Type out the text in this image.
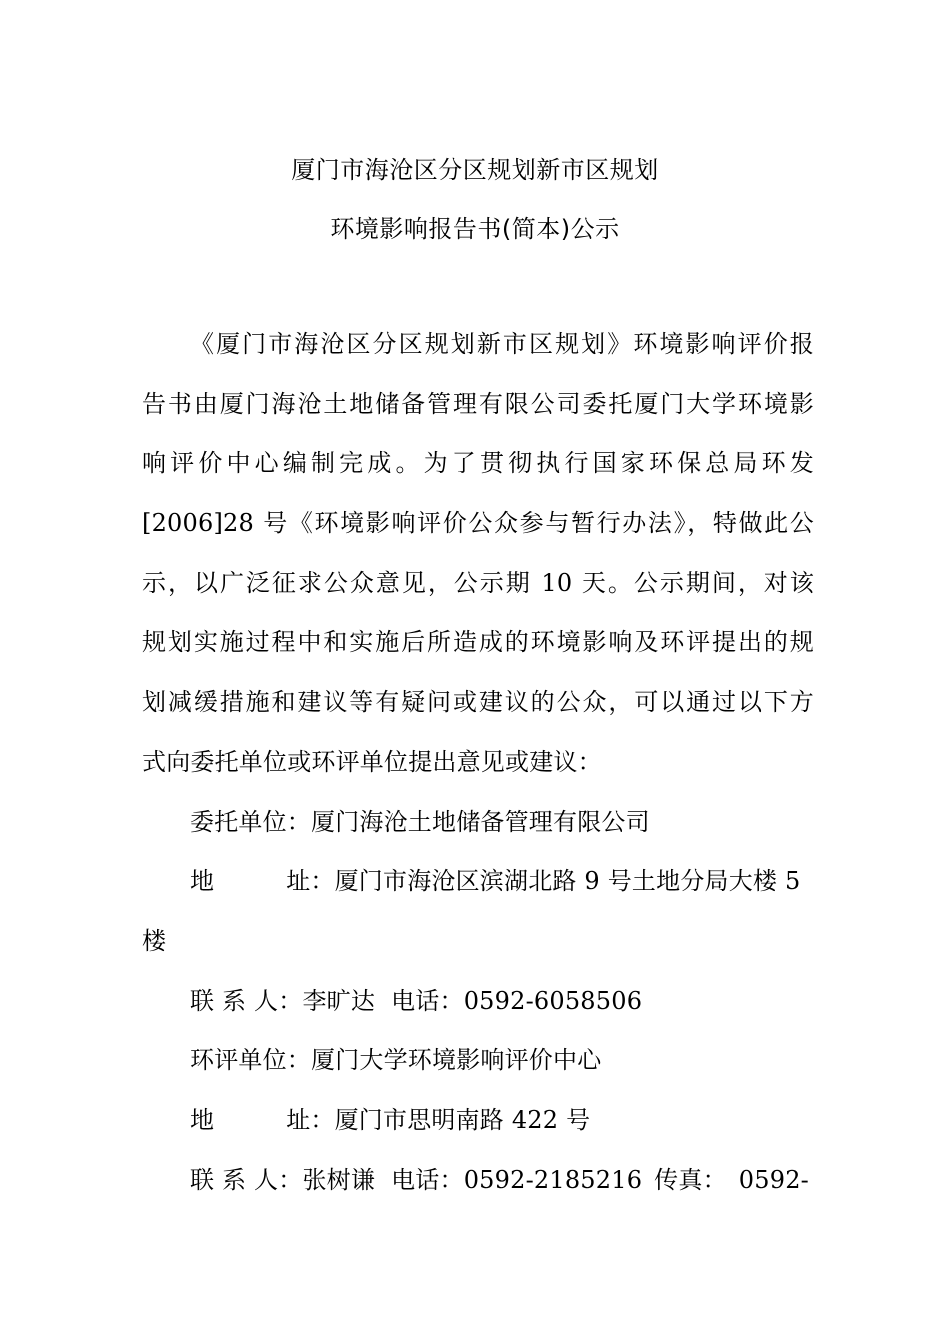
厦门市海沧区分区规划新市区规划
环境影响报告书(简本)公示
《厦门市海沧区分区规划新市区规划》环境影响评价报
告书由厦门海沧土地储备管理有限公司委托厦门大学环境影
响评价中心编制完成。为了贯彻执行国家环保总局环发
[2006]28 号《环境影响评价公众参与暂行办法》，特做此公
示，以广泛征求公众意见，公示期 10 天。公示期间，对该
规划实施过程中和实施后所造成的环境影响及环评提出的规
划减缓措施和建议等有疑问或建议的公众，可以通过以下方
式向委托单位或环评单位提出意见或建议：
委托单位：厦门海沧土地储备管理有限公司
地	址：厦门市海沧区滨湖北路 9 号土地分局大楼 5
楼
联 系 人：李旷达 电话：0592-6058506
环评单位：厦门大学环境影响评价中心
地	址：厦门市思明南路 422 号
联 系 人：张树谦 电话：0592-2185216 传真： 0592-
